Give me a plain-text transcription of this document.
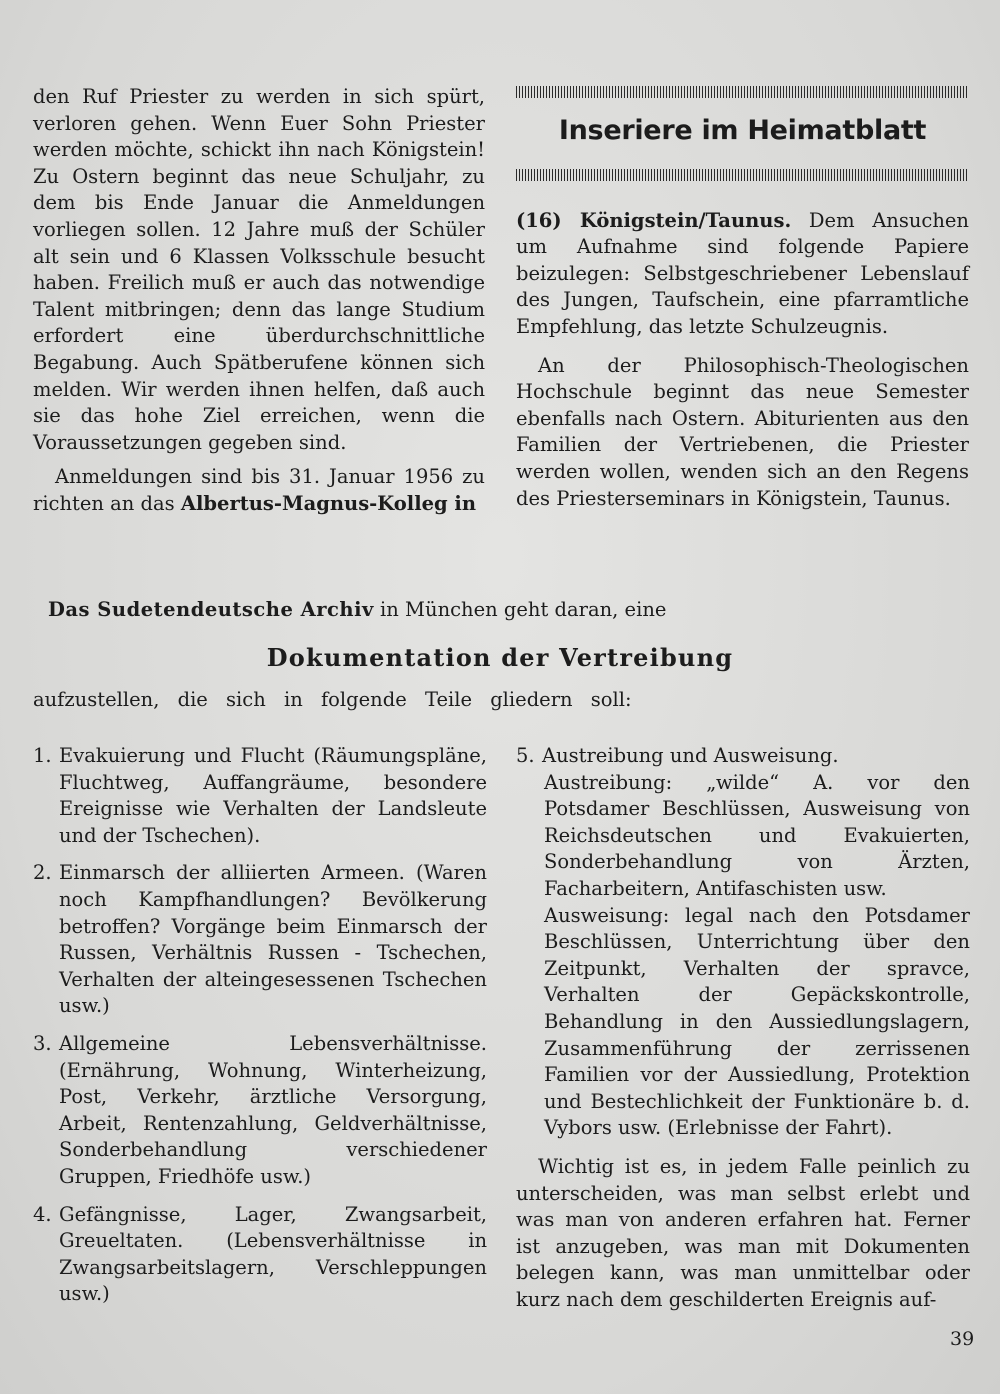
den Ruf Priester zu werden in sich spürt, verloren gehen. Wenn Euer Sohn Priester werden möchte, schickt ihn nach Königstein! Zu Ostern beginnt das neue Schuljahr, zu dem bis Ende Januar die Anmeldungen vorliegen sollen. 12 Jahre muß der Schüler alt sein und 6 Klassen Volksschule besucht haben. Freilich muß er auch das notwendige Talent mitbringen; denn das lange Studium erfordert eine überdurchschnittliche Begabung. Auch Spätberufene können sich melden. Wir werden ihnen helfen, daß auch sie das hohe Ziel erreichen, wenn die Voraussetzungen gegeben sind.

Anmeldungen sind bis 31. Januar 1956 zu richten an das Albertus-Magnus-Kolleg in

Inseriere im Heimatblatt

(16) Königstein/Taunus. Dem Ansuchen um Aufnahme sind folgende Papiere beizulegen: Selbstgeschriebener Lebenslauf des Jungen, Taufschein, eine pfarramtliche Empfehlung, das letzte Schulzeugnis.

An der Philosophisch-Theologischen Hochschule beginnt das neue Semester ebenfalls nach Ostern. Abiturienten aus den Familien der Vertriebenen, die Priester werden wollen, wenden sich an den Regens des Priesterseminars in Königstein, Taunus.

Das Sudetendeutsche Archiv in München geht daran, eine
Dokumentation der Vertreibung
aufzustellen, die sich in folgende Teile gliedern soll:
1. Evakuierung und Flucht (Räumungspläne, Fluchtweg, Auffangräume, besondere Ereignisse wie Verhalten der Landsleute und der Tschechen).
2. Einmarsch der alliierten Armeen. (Waren noch Kampfhandlungen? Bevölkerung betroffen? Vorgänge beim Einmarsch der Russen, Verhältnis Russen - Tschechen, Verhalten der alteingesessenen Tschechen usw.)
3. Allgemeine Lebensverhältnisse. (Ernährung, Wohnung, Winterheizung, Post, Verkehr, ärztliche Versorgung, Arbeit, Rentenzahlung, Geldverhältnisse, Sonderbehandlung verschiedener Gruppen, Friedhöfe usw.)
4. Gefängnisse, Lager, Zwangsarbeit, Greueltaten. (Lebensverhältnisse in Zwangsarbeitslagern, Verschleppungen usw.)
5. Austreibung und Ausweisung.

Austreibung: „wilde“ A. vor den Potsdamer Beschlüssen, Ausweisung von Reichsdeutschen und Evakuierten, Sonderbehandlung von Ärzten, Facharbeitern, Antifaschisten usw.

Ausweisung: legal nach den Potsdamer Beschlüssen, Unterrichtung über den Zeitpunkt, Verhalten der spravce, Verhalten der Gepäckskontrolle, Behandlung in den Aussiedlungslagern, Zusammenführung der zerrissenen Familien vor der Aussiedlung, Protektion und Bestechlichkeit der Funktionäre b. d. Vybors usw. (Erlebnisse der Fahrt).

Wichtig ist es, in jedem Falle peinlich zu unterscheiden, was man selbst erlebt und was man von anderen erfahren hat. Ferner ist anzugeben, was man mit Dokumenten belegen kann, was man unmittelbar oder kurz nach dem geschilderten Ereignis auf-

39
